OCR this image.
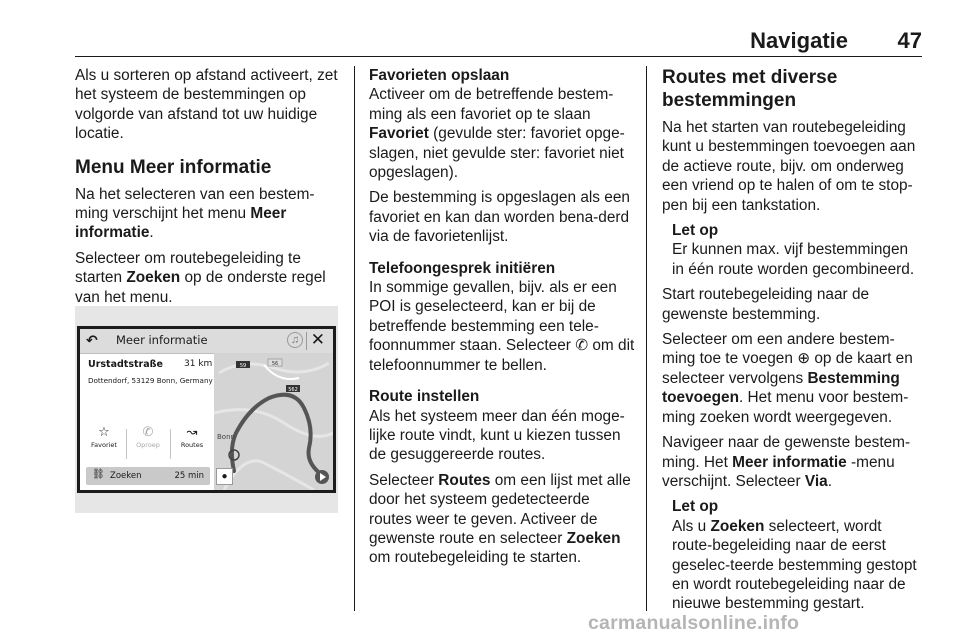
Navigatie 47

Als u sorteren op afstand activeert, zet het systeem de bestemmingen op volgorde van afstand tot uw huidige locatie.

Menu Meer informatie

Na het selecteren van een bestem-ming verschijnt het menu Meer informatie.

Selecteer om routebegeleiding te starten Zoeken op de onderste regel van het menu.

↶ Meer informatie	♫ ✕
Urstadtstraße 31 km
Dottendorf, 53129 Bonn, Germany
☆
Favoriet
✆
Oproep
↝
Routes
⛓ Zoeken	25 min
59	56
562
Bonn
●
Favorieten opslaan

Activeer om de betreffende bestem-ming als een favoriet op te slaan Favoriet (gevulde ster: favoriet opge-slagen, niet gevulde ster: favoriet niet opgeslagen).

De bestemming is opgeslagen als een favoriet en kan dan worden bena-derd via de favorietenlijst.

Telefoongesprek initiëren

In sommige gevallen, bijv. als er een POI is geselecteerd, kan er bij de betreffende bestemming een tele-foonnummer staan. Selecteer ✆ om dit telefoonnummer te bellen.

Route instellen

Als het systeem meer dan één moge-lijke route vindt, kunt u kiezen tussen de gesuggereerde routes.

Selecteer Routes om een lijst met alle door het systeem gedetecteerde routes weer te geven. Activeer de gewenste route en selecteer Zoeken om routebegeleiding te starten.

Routes met diverse bestemmingen

Na het starten van routebegeleiding kunt u bestemmingen toevoegen aan de actieve route, bijv. om onderweg een vriend op te halen of om te stop-pen bij een tankstation.

Let op

Er kunnen max. vijf bestemmingen in één route worden gecombineerd.

Start routebegeleiding naar de gewenste bestemming.

Selecteer om een andere bestem-ming toe te voegen ⊕ op de kaart en selecteer vervolgens Bestemming toevoegen. Het menu voor bestem-ming zoeken wordt weergegeven.

Navigeer naar de gewenste bestem-ming. Het Meer informatie -menu verschijnt. Selecteer Via.

Let op

Als u Zoeken selecteert, wordt route-begeleiding naar de eerst geselec-teerde bestemming gestopt en wordt routebegeleiding naar de nieuwe bestemming gestart.

carmanualsonline.info
